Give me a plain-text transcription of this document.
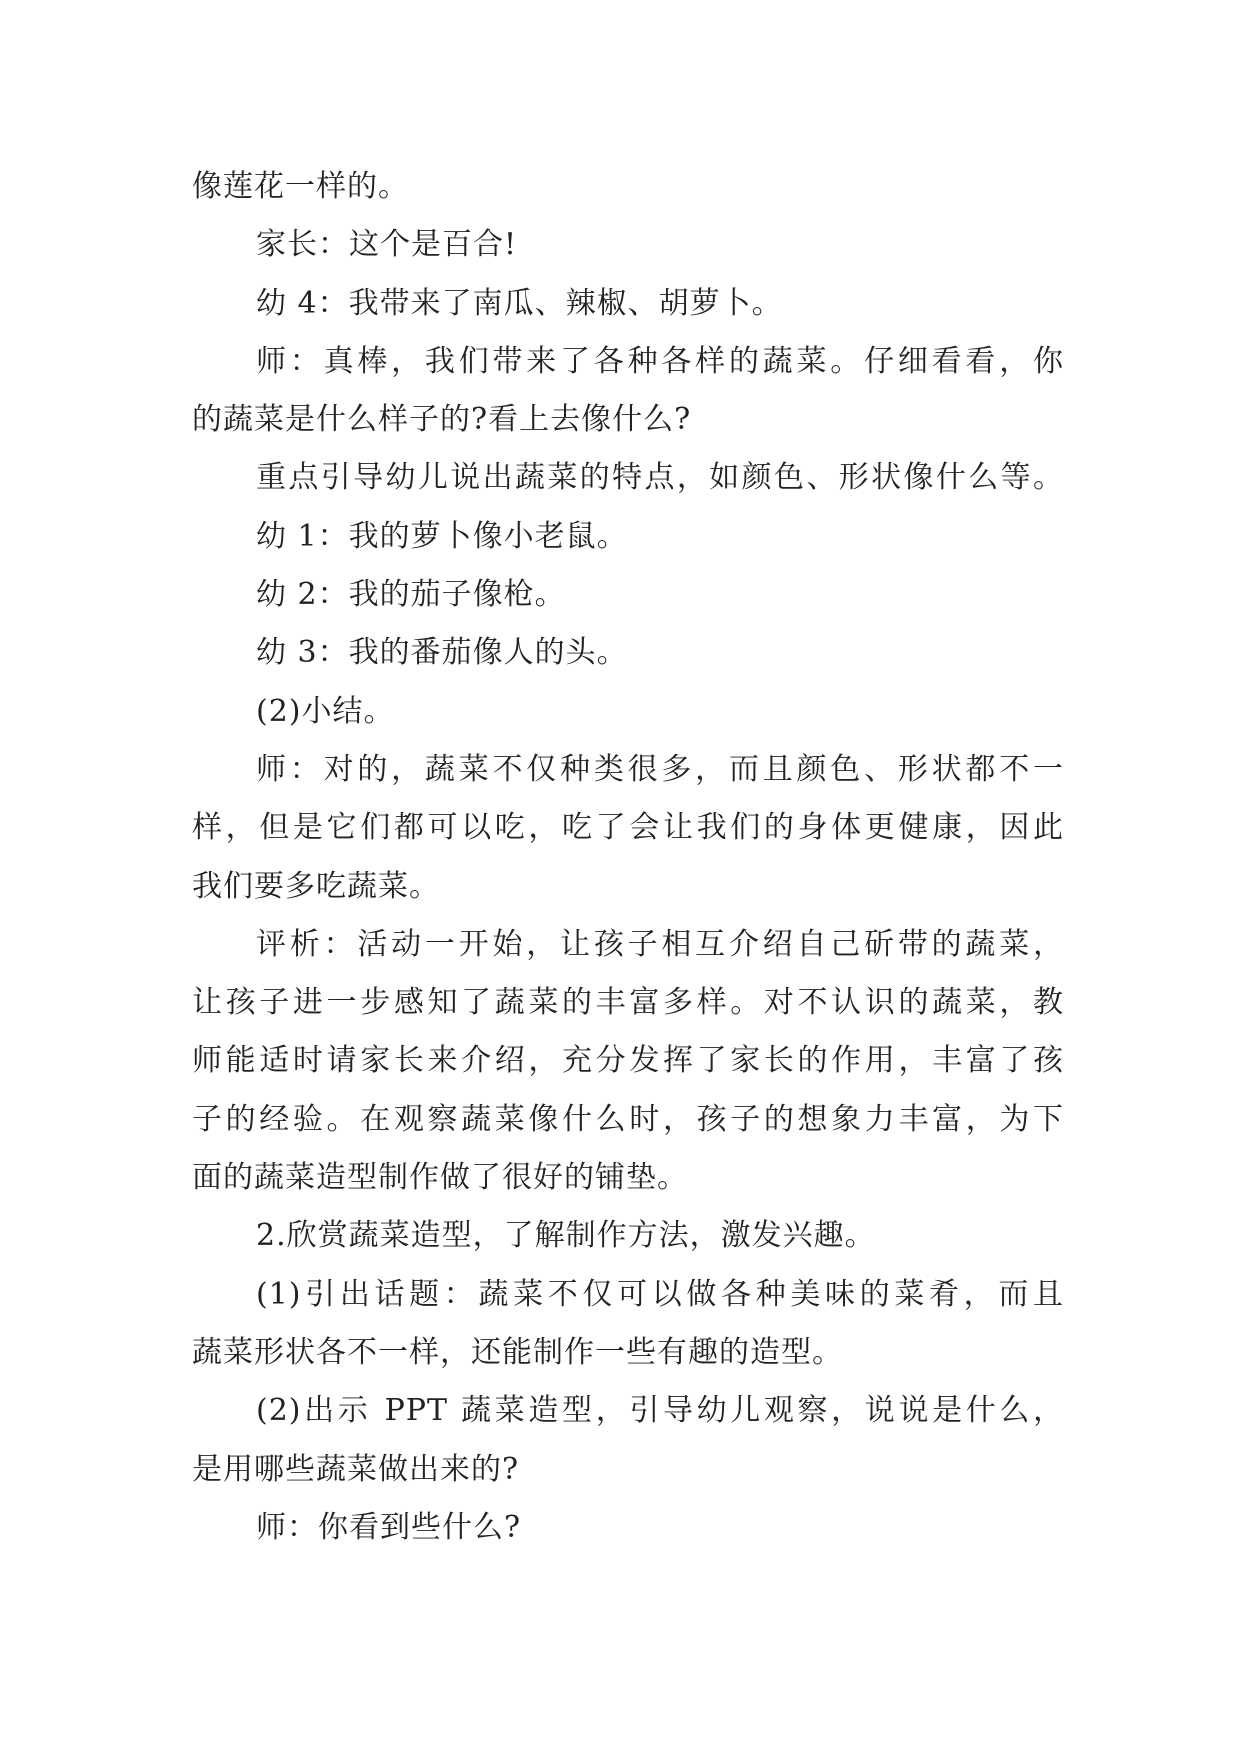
像莲花一样的。
家长：这个是百合!
幼 4：我带来了南瓜、辣椒、胡萝卜。
师：真棒，我们带来了各种各样的蔬菜。仔细看看，你
的蔬菜是什么样子的?看上去像什么?
重点引导幼儿说出蔬菜的特点，如颜色、形状像什么等。
幼 1：我的萝卜像小老鼠。
幼 2：我的茄子像枪。
幼 3：我的番茄像人的头。
(2)小结。
师：对的，蔬菜不仅种类很多，而且颜色、形状都不一
样，但是它们都可以吃，吃了会让我们的身体更健康，因此
我们要多吃蔬菜。
评析：活动一开始，让孩子相互介绍自己斫带的蔬菜，
让孩子进一步感知了蔬菜的丰富多样。对不认识的蔬菜，教
师能适时请家长来介绍，充分发挥了家长的作用，丰富了孩
子的经验。在观察蔬菜像什么时，孩子的想象力丰富，为下
面的蔬菜造型制作做了很好的铺垫。
2.欣赏蔬菜造型，了解制作方法，激发兴趣。
(1)引出话题：蔬菜不仅可以做各种美味的菜肴，而且
蔬菜形状各不一样，还能制作一些有趣的造型。
(2)出示 PPT 蔬菜造型，引导幼儿观察，说说是什么，
是用哪些蔬菜做出来的?
师：你看到些什么?
